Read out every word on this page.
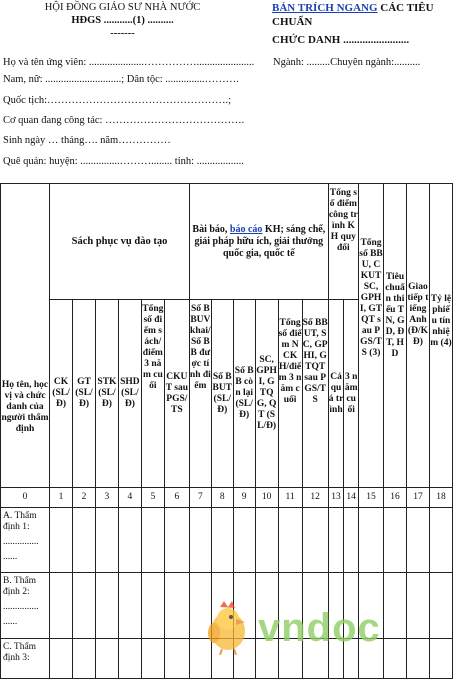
HỘI ĐỒNG GIÁO SƯ NHÀ NƯỚC
HĐGS ...........(1) ..........
-------
BẢN TRÍCH NGANG CÁC TIÊU CHUẨN
CHỨC DANH ........................
Họ và tên ứng viên: .....................……………...................... Ngành: .........Chuyên ngành:..........
Nam, nữ: .............................; Dân tộc: ...............……….
Quốc tịch:…………………………………………….;
Cơ quan đang công tác: ………………………………….
Sinh ngày … tháng…. năm……………
Quê quán: huyện: ...............………........ tỉnh: ..................
Họ tên, học vị và chức danh của người thẩm định	Sách phục vụ đào tạo						Bài báo, báo cáo KH; sáng chế, giải pháp hữu ích, giải thưởng quốc gia, quốc tế						Tổng số điểm công trình KH quy đổi		Tổng số BBU, CKUT SC, GPHI, GTQT sau PGS/TS (3)	Tiêu chuẩn thiếu TN, GD, ĐT, HD	Giao tiếp tiếng Anh (Đ/KĐ)	Tỷ lệ phiếu tín nhiệm (4)
	CK (SL/Đ)	GT (SL/Đ)	STK (SL/Đ)	SHD (SL/Đ)	Tổng số điểm sách/điểm 3 năm cuối	CKUT sau PGS/TS	Số BBUV khai/Số BB được tính điểm	Số BBUT (SL/Đ)	Số BB còn lại (SL/Đ)	SC, GPHI, GTQG, QT (SL/Đ)	Tổng số điểm NCKH/điểm 3 năm cuối	Số BBUT, SC, GPHI, GTQT sau PGS/TS	Cả quá trình	3 năm cuối				
0	1	2	3	4	5	6	7	8	9	10	11	12	13	14	15	16	17	18

A. Thẩm định 1:
...............
......																		

B. Thẩm định 2:
...............
......																		

C. Thẩm định 3:																		

vndoc
